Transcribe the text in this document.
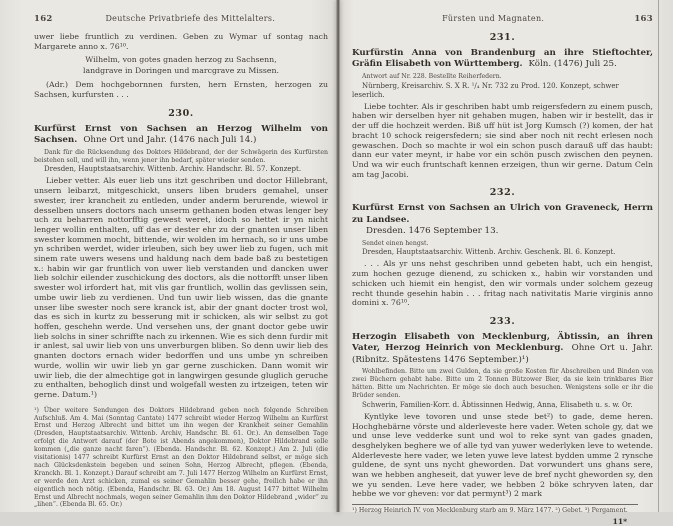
162	Deutsche Privatbriefe des Mittelalters.

uwer liebe fruntlich zu verdinen. Geben zu Wymar uf sontag nach Margarete anno x. 76¹⁰.

Wilhelm, von gotes gnaden herzog zu Sachsenn,

landgrave in Doringen und marcgrave zu Missen.

(Adr.) Dem hochgebornnen fursten, hern Ernsten, herzogen zu Sachsen, kurfursten . . .

230.
Kurfürst Ernst von Sachsen an Herzog Wilhelm von Sachsen. Ohne Ort und Jahr. (1476 nach Juli 14.)

Dank für die Rücksendung des Doktors Hildebrand, der der Schwägerin des Kurfürsten beistehen soll, und will ihn, wenn jener ihn bedarf, später wieder senden.

Dresden, Hauptstaatsarchiv. Wittenb. Archiv. Handschr. Bl. 57. Konzept.

Lieber vetter. Als euer lieb uns itzt geschriben und doctor Hillebrant, unsern leibarzt, mitgeschickt, unsers liben bruders gemahel, unser swester, irer krancheit zu entleden, under anderm berurende, wiewol ir desselben unsers doctors nach unserm gethanen boden etwas lenger bey uch zu beharren nottorfftig gewest weret, idoch so hettet ir yn nicht lenger wollin enthalten, uff das er dester ehr zu der gnanten unser liben swester kommen mocht, bittende, wir wolden im hernach, so ir uns umbe yn schriben werdet, wider irleuben, sich bey uwer lieb zu fugen, uch mit sinem rate uwers wesens und haldung nach dem bade baß zu bestetigen x.: habin wir gar fruntlich von uwer lieb verstanden und dancken uwer lieb solchir eilender zuschickung des doctors, als die nottorfft unser liben swester wol irfordert hat, mit vlis gar fruntlich, wollin das gevlissen sein, umbe uwir lieb zu verdienen. Und tun uwir lieb wissen, das die gnante unser libe swester noch sere kranck ist, abir der gnant docter trost wol, das es sich in kurtz zu besserung mit ir schicken, als wir selbst zu got hoffen, geschehn werde. Und versehen uns, der gnant doctor gebe uwir lieb solchs in siner schriffte nach zu irkennen. Wie es sich denn furdir mit ir anlest, sal uwir lieb von uns unverburgen bliben. So denn uwir lieb des gnanten doctors ernach wider bedorffen und uns umbe yn schreiben wurde, wollin wir uwir lieb yn gar gerne zuschicken. Dann womit wir uwir lieb, die der almechtige got in langwirgen gesunde gluglich geruche zu enthalten, behoglich dinst und wolgefall westen zu irtzeigen, teten wir gerne. Datum.¹)

¹) Über weitere Sendungen des Doktors Hildebrand geben noch folgende Schreiben Aufschluß. Am 4. Mai (Sonntag Cantate) 1477 schreibt wieder Herzog Wilhelm an Kurfürst Ernst und Herzog Albrecht und bittet um ihn wegen der Krankheit seiner Gemahlin (Dresden, Hauptstaatsarchiv. Wittenb. Archiv, Handschr. Bl. 61. Or.). An demselben Tage erfolgt die Antwort darauf (der Bote ist Abends angekommen), Doktor Hildebrand solle kommen („die ganze nacht faren“). (Ebenda. Handschr. Bl. 62. Konzept.) Am 2. Juli (die visitationis) 1477 schreibt Kurfürst Ernst an den Doktor Hildebrand selbst, er möge sich nach Glücksdenkstein begeben und seinen Sohn, Herzog Albrecht, pflegen. (Ebenda, Kranckh. Bl. 1. Konzept.) Darauf schreibt am 7. Juli 1477 Herzog Wilhelm an Kurfürst Ernst, er werde den Arzt schicken, zumal es seiner Gemahlin besser gehe, freilich habe er ihn eigentlich noch nötig. (Ebenda, Handschr. Bl. 63. Or.) Am 18. August 1477 bittet Wilhelm Ernst und Albrecht nochmals, wegen seiner Gemahlin ihm den Doktor Hildebrand „wider“ zu „lihen“. (Ebenda Bl. 65. Or.)

Fürsten und Magnaten.	163
231.
Kurfürstin Anna von Brandenburg an ihre Stieftochter, Gräfin Elisabeth von Württemberg. Köln. (1476) Juli 25.

Antwort auf Nr. 228. Bestellte Reiherfedern.

Nürnberg, Kreisarchiv. S. X R. ¹/₄ Nr. 732 zu Prod. 120. Konzept, schwer leserlich.

Liebe tochter. Als ir geschriben habt umb reigersfedern zu einem pusch, haben wir derselben hyer nit gehaben mugen, haben wir ir bestellt, das ir der uff die hochzeit werden. Biß uff hüt ist Jorg Kumsch (?) komen, der hat bracht 10 schock reigersfedern; sie sind aber noch nit recht erlesen noch gewaschen. Doch so machte ir wol ein schon pusch darauß uff das haubt: dann eur vater meynt, ir habe vor ein schön pusch zwischen den peynen. Und wa wir euch fruntschaft kennen erzeigen, thun wir gerne. Datum Celn am tag Jacobi.

232.
Kurfürst Ernst von Sachsen an Ulrich von Graveneck, Herrn zu Landsee.
Dresden. 1476 September 13.

Sendet einen hengst.

Dresden, Hauptstaatsarchiv. Wittenb. Archiv. Geschenk. Bl. 6. Konzept.

. . . Als yr uns nehst geschriben unnd gebeten habt, uch ein hengist, zum hochen gezuge dienend, zu schicken x., habin wir vorstanden und schicken uch hiemit ein hengist, den wir vormals under solchem gezeug recht thunde gesehin habin . . . fritag nach nativitatis Marie virginis anno domini x. 76¹⁰.

233.
Herzogin Elisabeth von Mecklenburg, Äbtissin, an ihren Vater, Herzog Heinrich von Mecklenburg. Ohne Ort u. Jahr. (Ribnitz. Spätestens 1476 September.)¹)

Wohlbefinden. Bitte um zwei Gulden, da sie große Kosten für Abschreiben und Binden von zwei Büchern gehabt habe. Bitte um 2 Tonnen Bützower Bier, da sie kein trinkbares Bier hätten. Bitte um Nachrichten. Er möge sie doch auch besuchen. Wenigstens solle er ihr die Brüder senden.

Schwerin, Familien-Korr. d. Äbtissinnen Hedwig, Anna, Elisabeth u. s. w. Or.

Kyntlyke leve tovoren und unse stede bet²) to gade, deme heren. Hochghebärne vörste und alderleveste here vader. Weten schole gy, dat we und unse leve vedderke sunt und wol to reke synt van gades gnaden, desghelyken beghere we of alle tyd van yuwer wederlyken leve to wetende. Alderleveste here vader, we leten yuwe leve latest bydden umme 2 rynsche guldene, de synt uns nycht gheworden. Dat vorwundert uns ghans sere, wan we hebben angheseit, dat yuwer leve de bref nycht gheworden sy, den we yu senden. Leve here vader, we hebben 2 böke schryven laten, dar hebbe we vor gheven: vor dat permynt³) 2 mark

¹) Herzog Heinrich IV. von Mecklenburg starb am 9. März 1477. ²) Gebet. ³) Pergament.

11*
